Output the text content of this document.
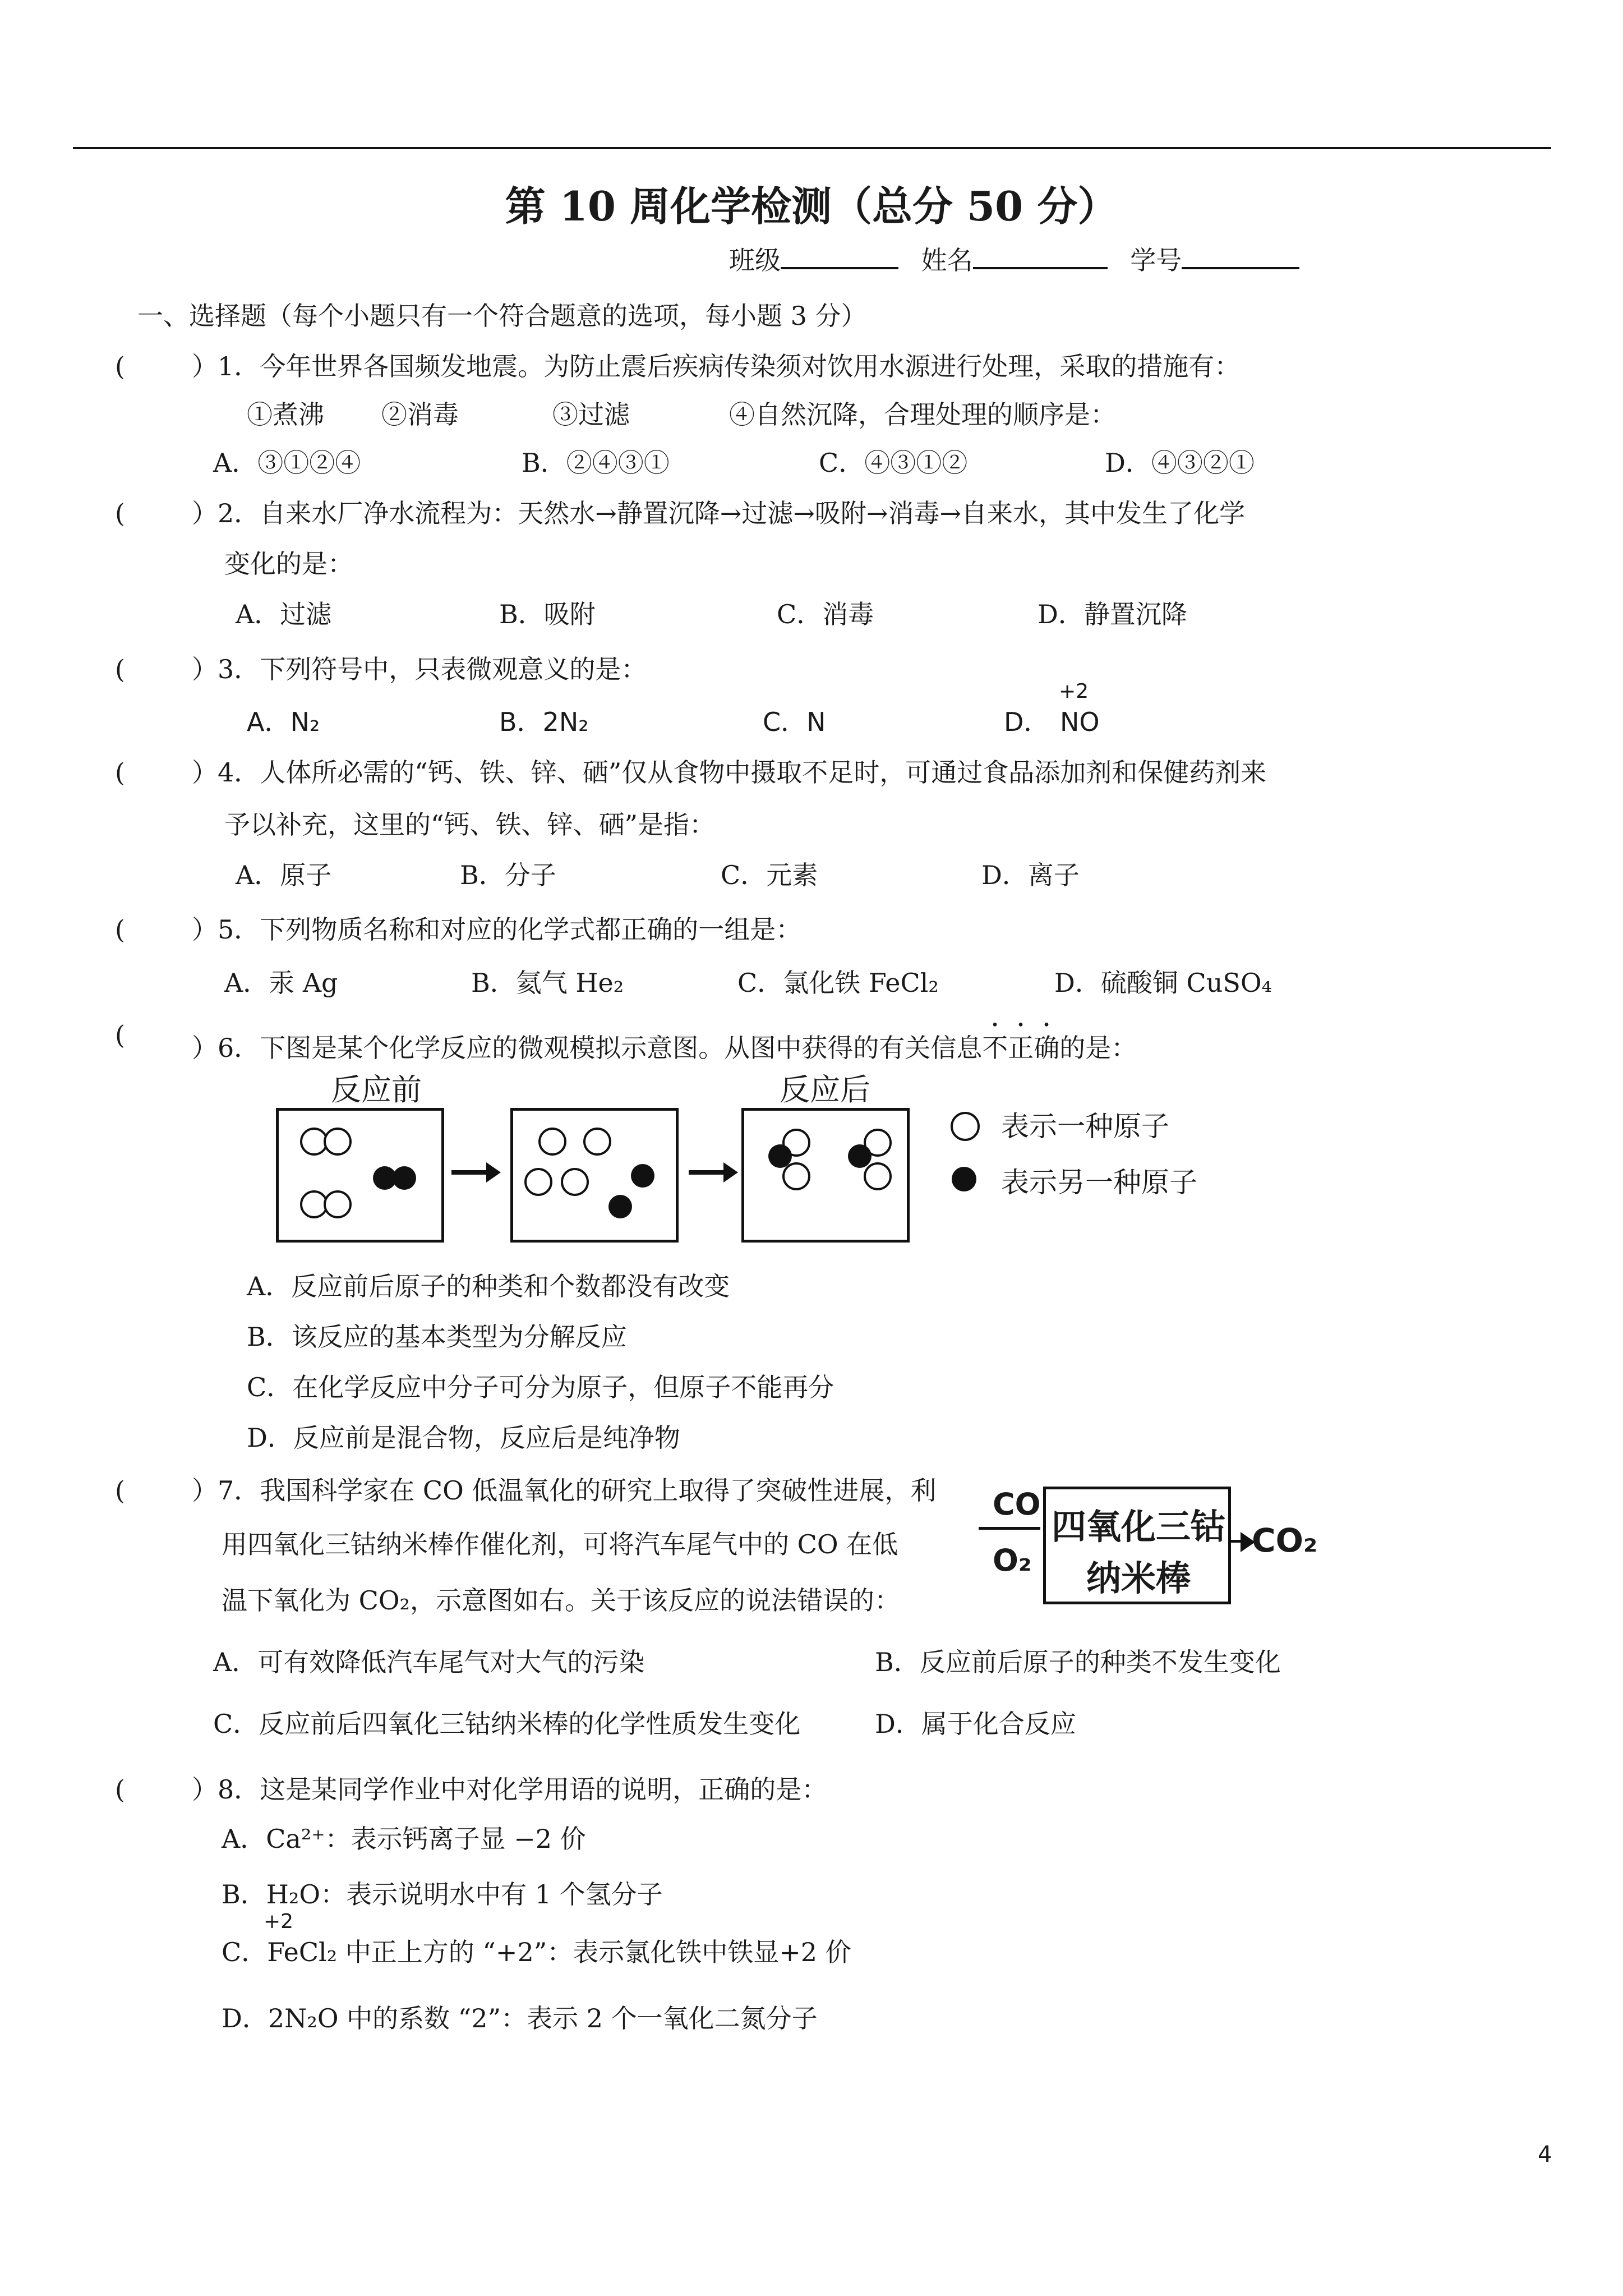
第 10 周化学检测（总分 50 分）
班级	姓名	学号
一、选择题（每个小题只有一个符合题意的选项，每小题 3 分）
(	）1．今年世界各国频发地震。为防止震后疾病传染须对饮用水源进行处理，采取的措施有：
①煮沸 ②消毒	③过滤	④自然沉降，合理处理的顺序是：
A．③①②④	B．②④③①	C．④③①②	D．④③②①
(	）2．自来水厂净水流程为：天然水→静置沉降→过滤→吸附→消毒→自来水，其中发生了化学
变化的是：
A．过滤	B．吸附	C．消毒	D．静置沉降
(	）3．下列符号中，只表微观意义的是：
A．N₂	B．2N₂	C．N	D．
+2
NO
(	）4．人体所必需的“钙、铁、锌、硒”仅从食物中摄取不足时，可通过食品添加剂和保健药剂来
予以补充，这里的“钙、铁、锌、硒”是指：
A．原子	B．分子	C．元素	D．离子
(	）5．下列物质名称和对应的化学式都正确的一组是：
A．汞 Ag	B．氦气 He₂	C．氯化铁 FeCl₂	D．硫酸铜 CuSO₄
(	）6．下图是某个化学反应的微观模拟示意图。从图中获得的有关信息不正确的是：
反应前	反应后
表示一种原子
表示另一种原子
A．反应前后原子的种类和个数都没有改变
B．该反应的基本类型为分解反应
C．在化学反应中分子可分为原子，但原子不能再分
D．反应前是混合物，反应后是纯净物
(	）7．我国科学家在 CO 低温氧化的研究上取得了突破性进展，利
用四氧化三钴纳米棒作催化剂，可将汽车尾气中的 CO 在低
温下氧化为 CO₂，示意图如右。关于该反应的说法错误的：
CO
O₂
四氧化三钴
纳米棒
CO₂
A．可有效降低汽车尾气对大气的污染	B．反应前后原子的种类不发生变化
C．反应前后四氧化三钴纳米棒的化学性质发生变化	D．属于化合反应
(	）8．这是某同学作业中对化学用语的说明，正确的是：
A．Ca²⁺：表示钙离子显 −2 价
B．H₂O：表示说明水中有 1 个氢分子
+2
C．FeCl₂ 中正上方的 “+2”：表示氯化铁中铁显+2 价
D．2N₂O 中的系数 “2”：表示 2 个一氧化二氮分子
4
